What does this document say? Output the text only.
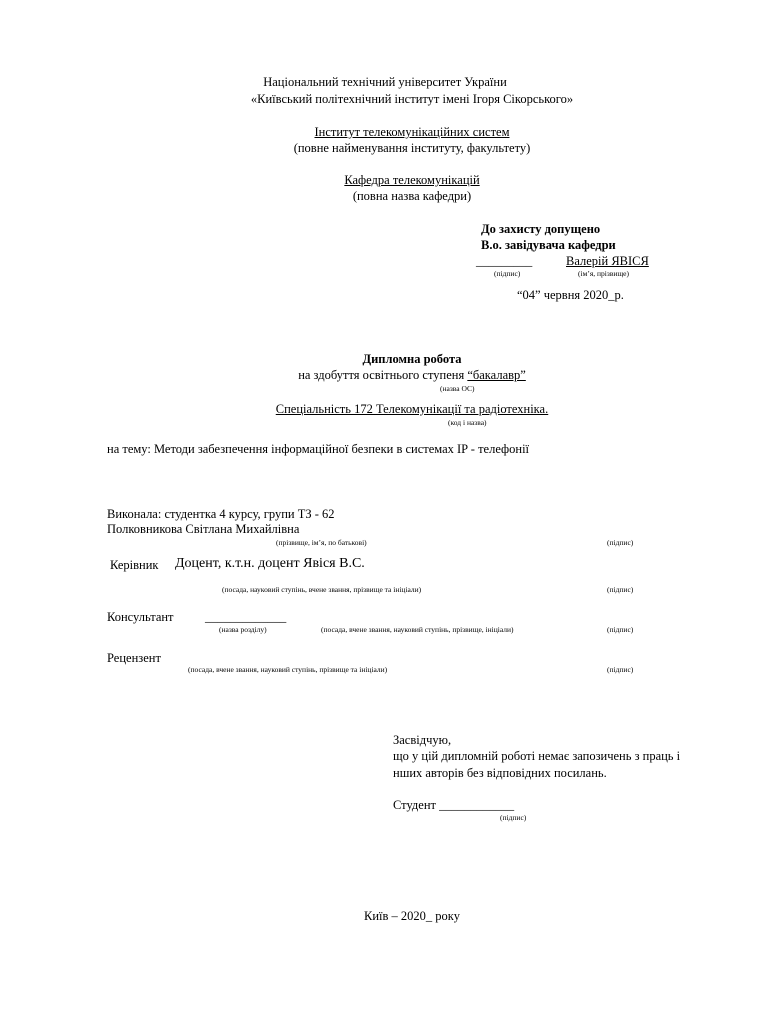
Національний технічний університет України
«Київський політехнічний інститут імені Ігоря Сікорського»
Інститут телекомунікаційних систем
(повне найменування інституту, факультету)
Кафедра телекомунікацій
(повна назва кафедри)
До захисту допущено
В.о. завідувача кафедри
_________	Валерій ЯВІСЯ
(підпис)	(ім’я, прізвище)
“04” червня 2020_р.
Дипломна робота
на здобуття освітнього ступеня “бакалавр”
(назва ОС)
Спеціальність 172 Телекомунікації та радіотехніка.
(код і назва)
на тему: Методи забезпечення інформаційної безпеки в системах IP - телефонії
Виконала: студентка 4 курсу, групи ТЗ - 62
Полковникова Світлана Михайлівна
(прізвище, ім’я, по батькові)	(підпис)
Керівник Доцент, к.т.н. доцент Явіся В.С.
(посада, науковий ступінь, вчене звання, прізвище та ініціали)	(підпис)
Консультант	_____________
(назва розділу)	(посада, вчене звання, науковий ступінь, прізвище, ініціали)	(підпис)
Рецензент
(посада, вчене звання, науковий ступінь, прізвище та ініціали)	(підпис)
Засвідчую,
що у цій дипломній роботі немає запозичень з праць і
нших авторів без відповідних посилань.
Студент ____________
(підпис)
Київ – 2020_ року
